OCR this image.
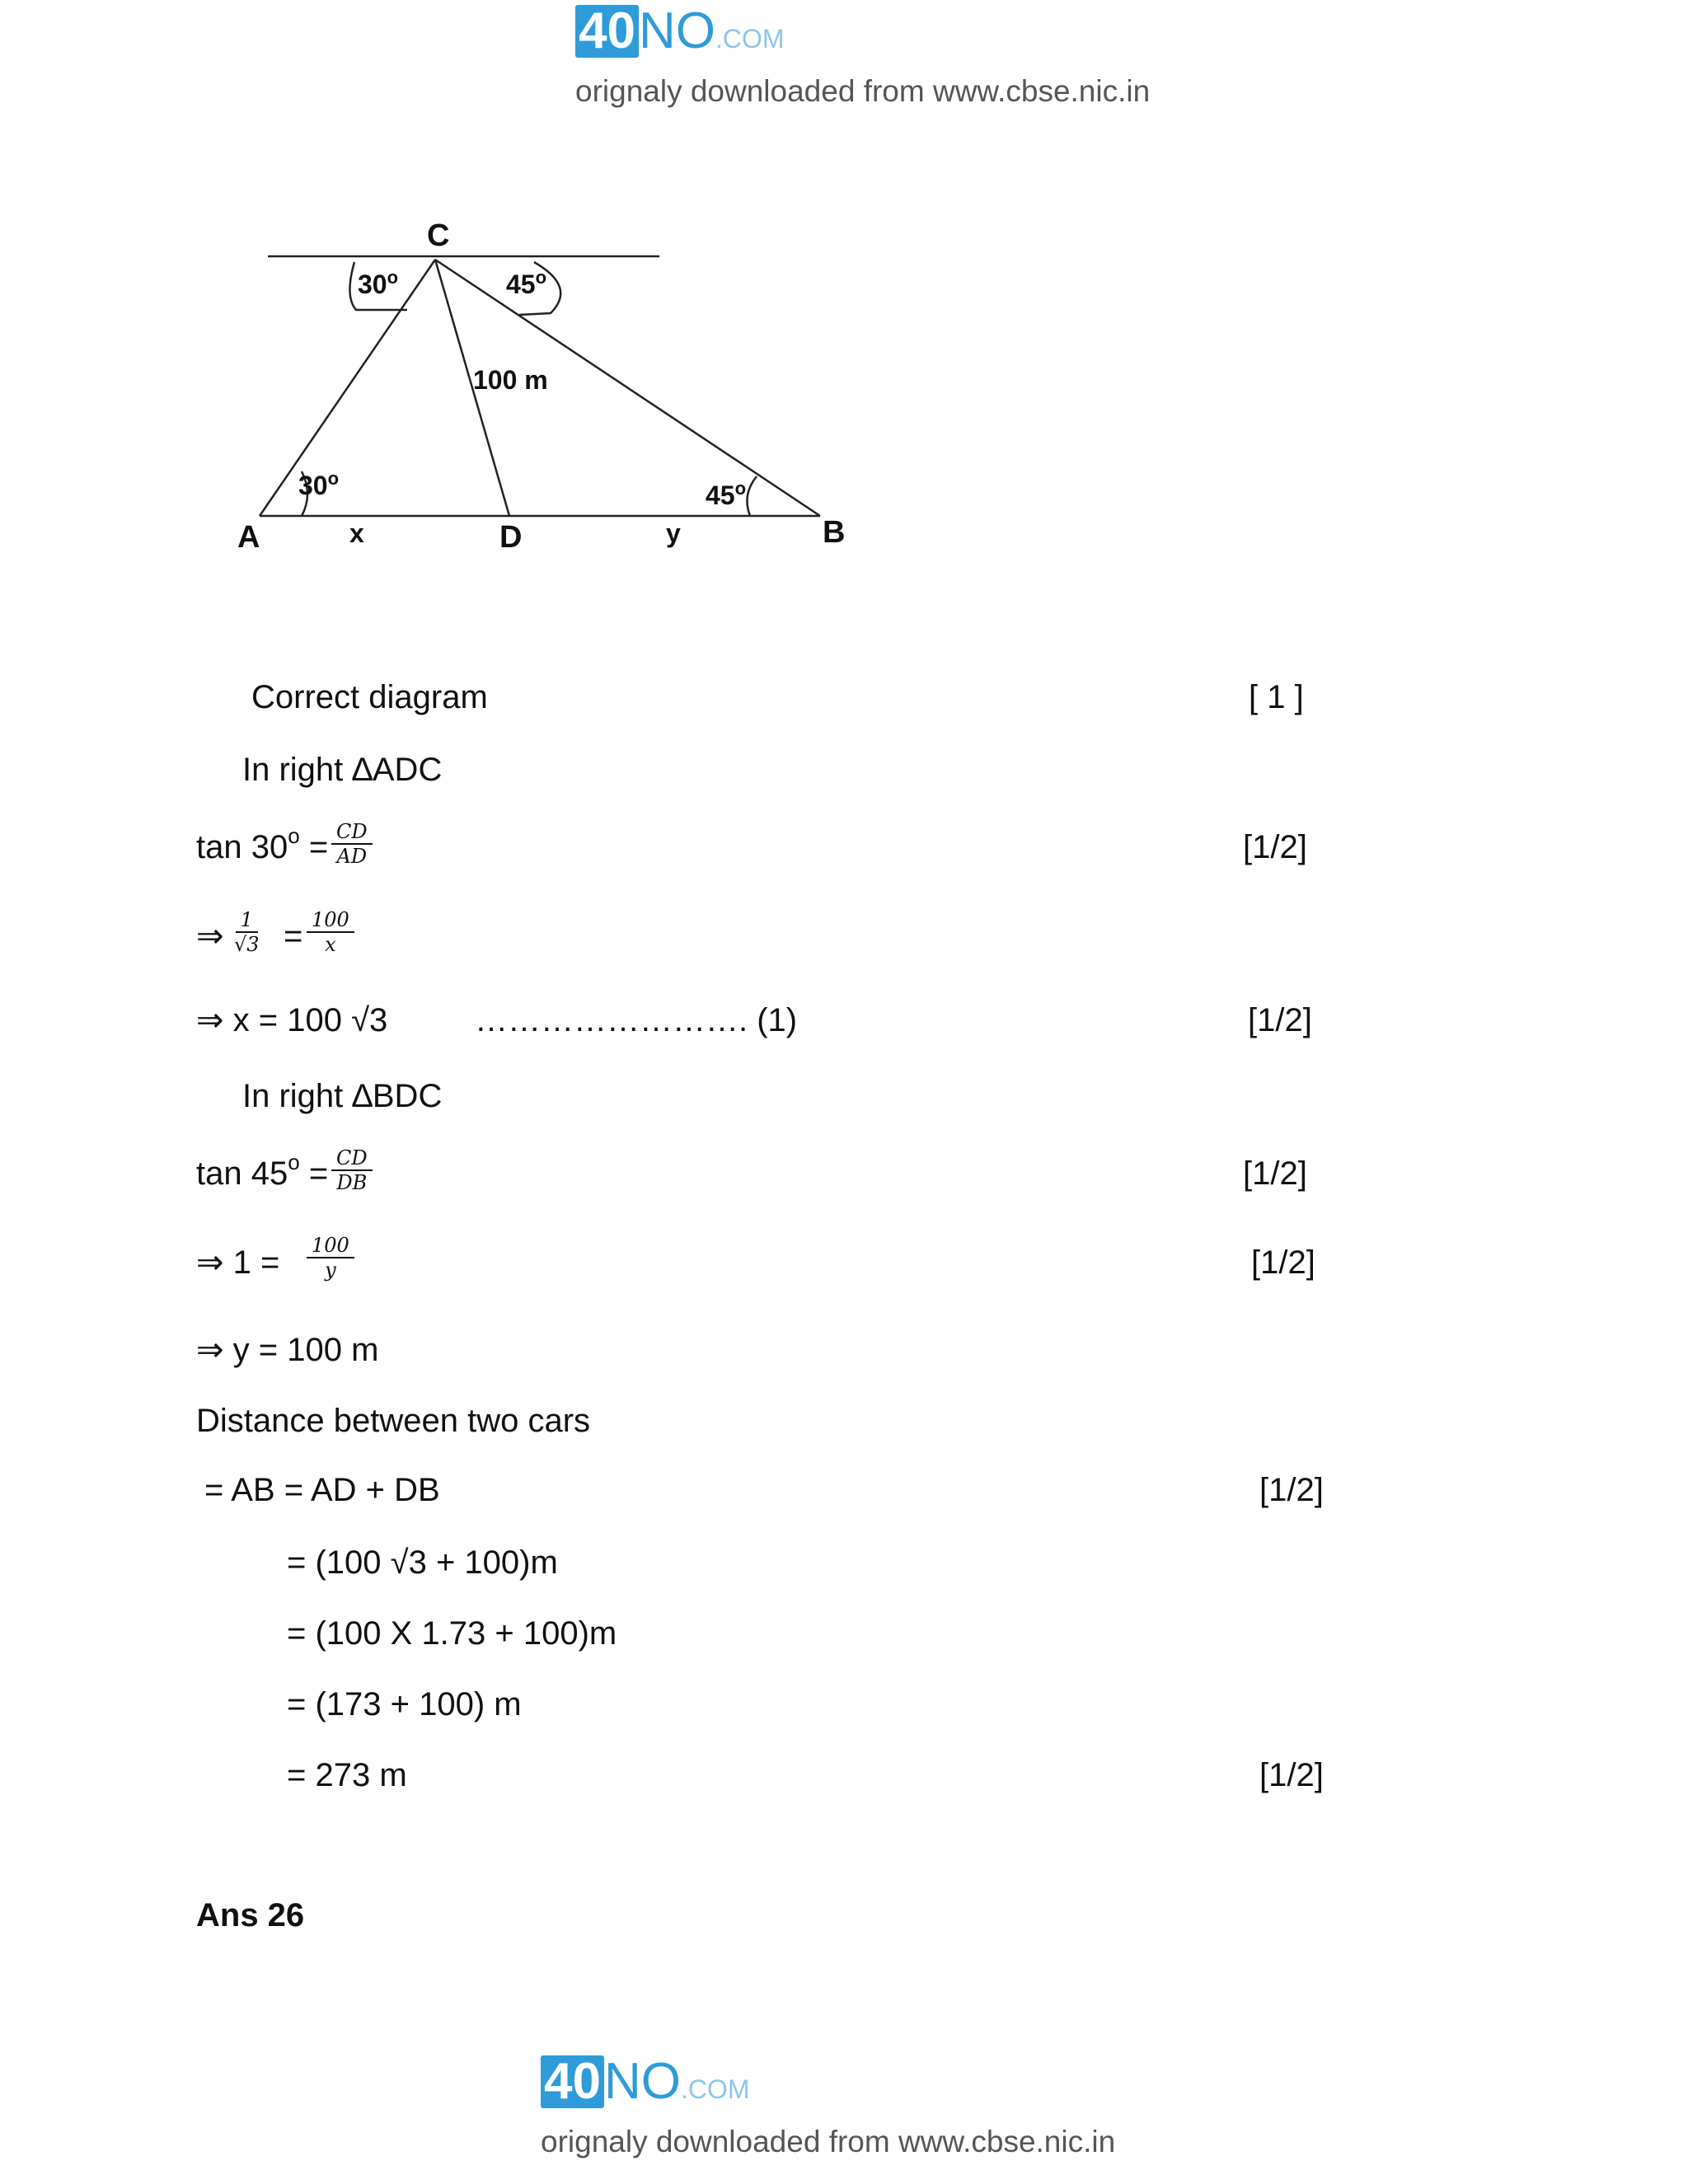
40NO.COM
orignaly downloaded from www.cbse.nic.in
C
A	D	B
x	y
100 m
30$^o$	45$^o$
30$^o$
45$^o$
Correct diagram	[ 1 ]
In right ∆ADC
$\tan 30^o = \frac{CD}{AD}$	[1/2]
⇒ $\frac{1}{√3} = \frac{100}{x}$
⇒ x = 100 √3	……………………. (1)	[1/2]
In right ∆BDC
$\tan 45^o = \frac{CD}{DB}$	[1/2]
⇒ $1 = \frac{100}{y}$	[1/2]
⇒ y = 100 m
Distance between two cars
= AB = AD + DB	[1/2]
= (100 √3 + 100)m
= (100 X 1.73 + 100)m
= (173 + 100) m
= 273 m	[1/2]
Ans 26
40NO.COM
orignaly downloaded from www.cbse.nic.in
